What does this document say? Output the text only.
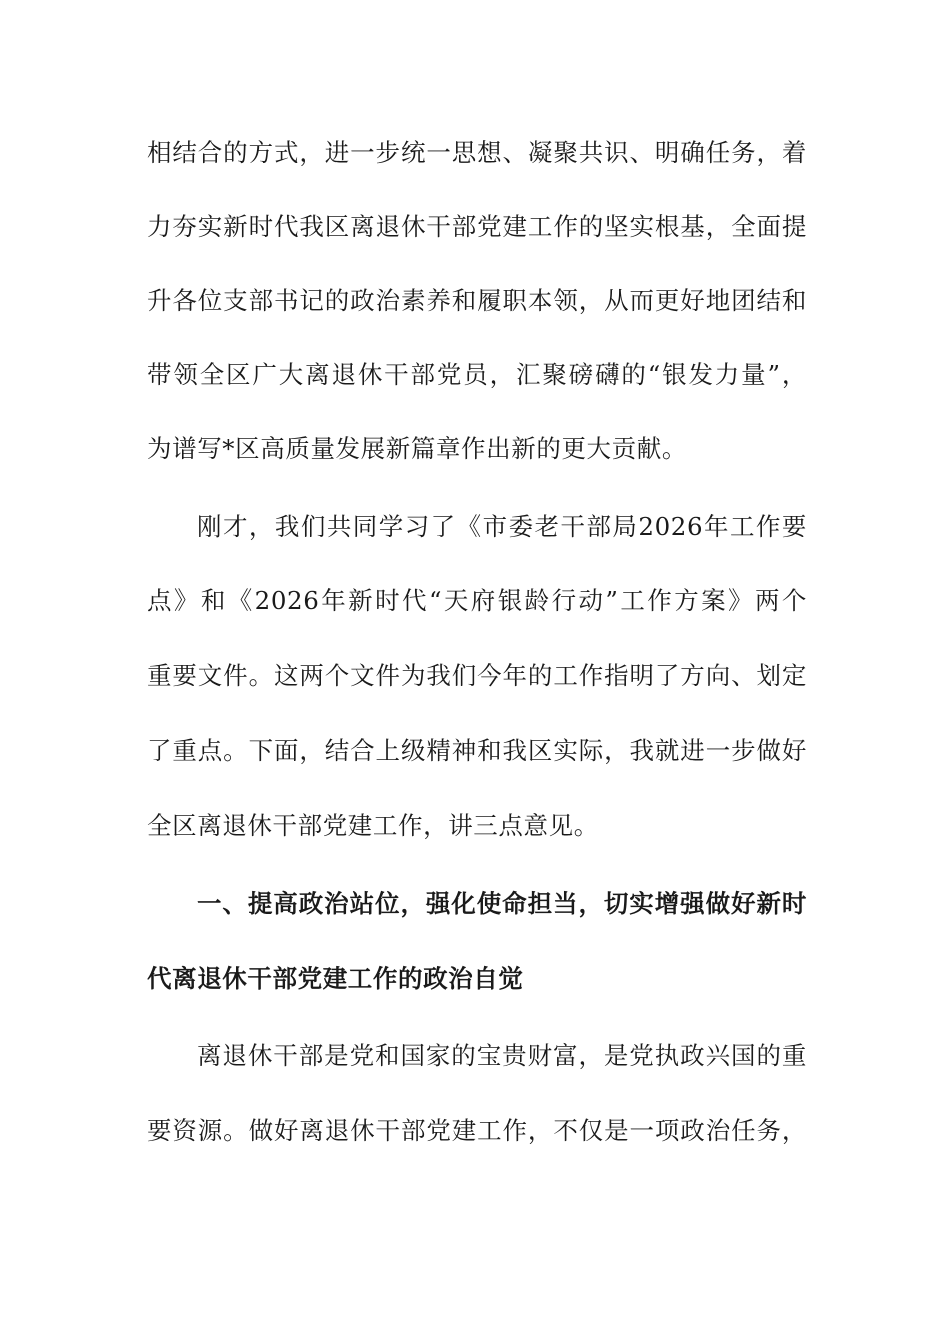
相结合的方式，进一步统一思想、凝聚共识、明确任务，着
力夯实新时代我区离退休干部党建工作的坚实根基，全面提
升各位支部书记的政治素养和履职本领，从而更好地团结和
带领全区广大离退休干部党员，汇聚磅礴的“银发力量”，
为谱写*区高质量发展新篇章作出新的更大贡献。
刚才，我们共同学习了《市委老干部局2026年工作要
点》和《2026年新时代“天府银龄行动”工作方案》两个
重要文件。这两个文件为我们今年的工作指明了方向、划定
了重点。下面，结合上级精神和我区实际，我就进一步做好
全区离退休干部党建工作，讲三点意见。
一、提高政治站位，强化使命担当，切实增强做好新时
代离退休干部党建工作的政治自觉
离退休干部是党和国家的宝贵财富，是党执政兴国的重
要资源。做好离退休干部党建工作，不仅是一项政治任务，
